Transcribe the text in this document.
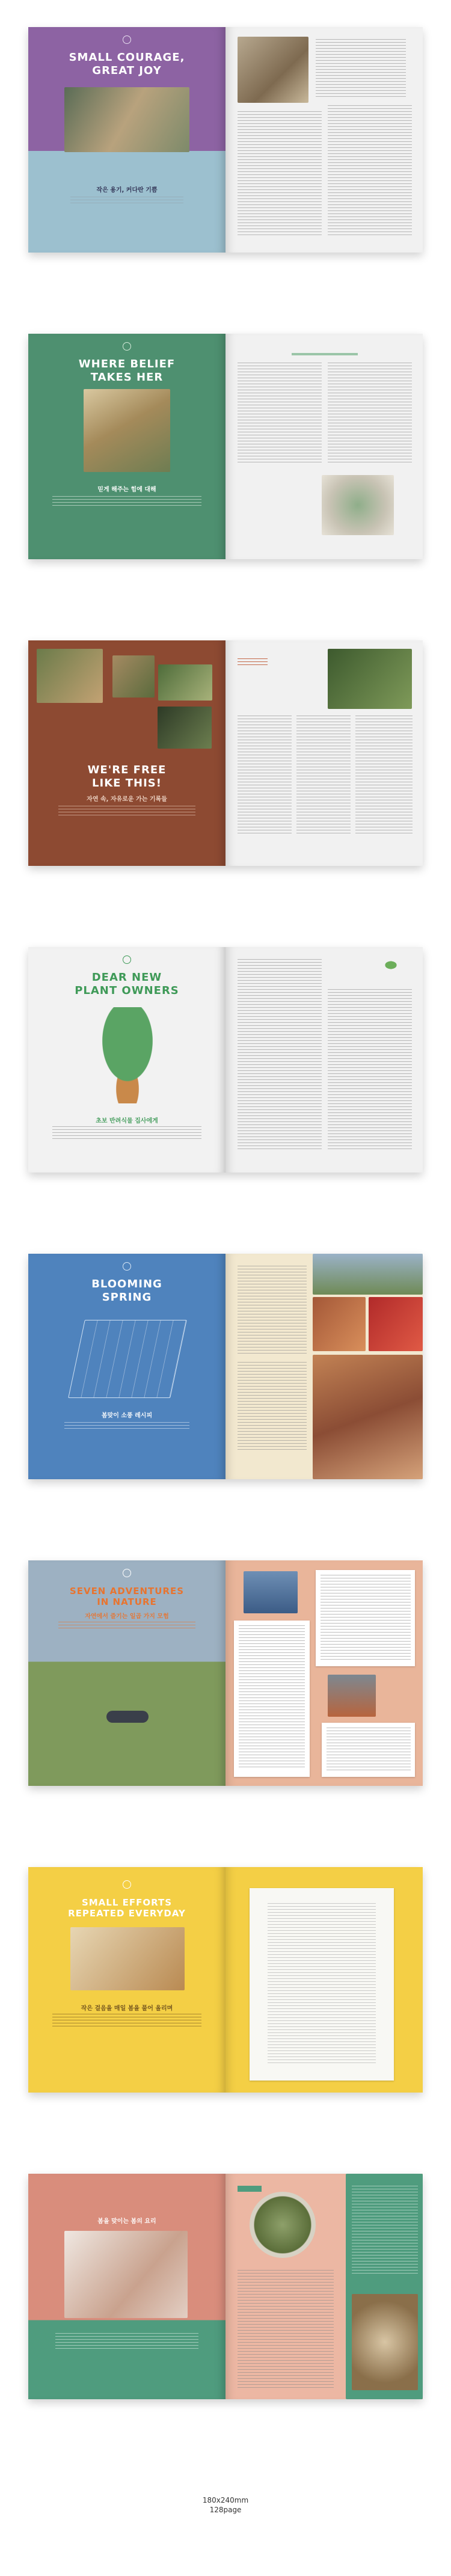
SMALL COURAGE,
GREAT JOY
작은 용기, 커다란 기쁨
WHERE BELIEF
TAKES HER
믿게 해주는 힘에 대해
WE'RE FREE
LIKE THIS!
자연 속, 자유로운 가는 기록들
DEAR NEW
PLANT OWNERS
초보 반려식물 집사에게
BLOOMING
SPRING
봄맞이 소풍 레시피
SEVEN ADVENTURES
IN NATURE
자연에서 즐기는 일곱 가지 모험
SMALL EFFORTS
REPEATED EVERYDAY
작은 걸음을 매일 봄을 풀어 올리며
봄을 맞이는 봄의 요리
180x240mm
128page
